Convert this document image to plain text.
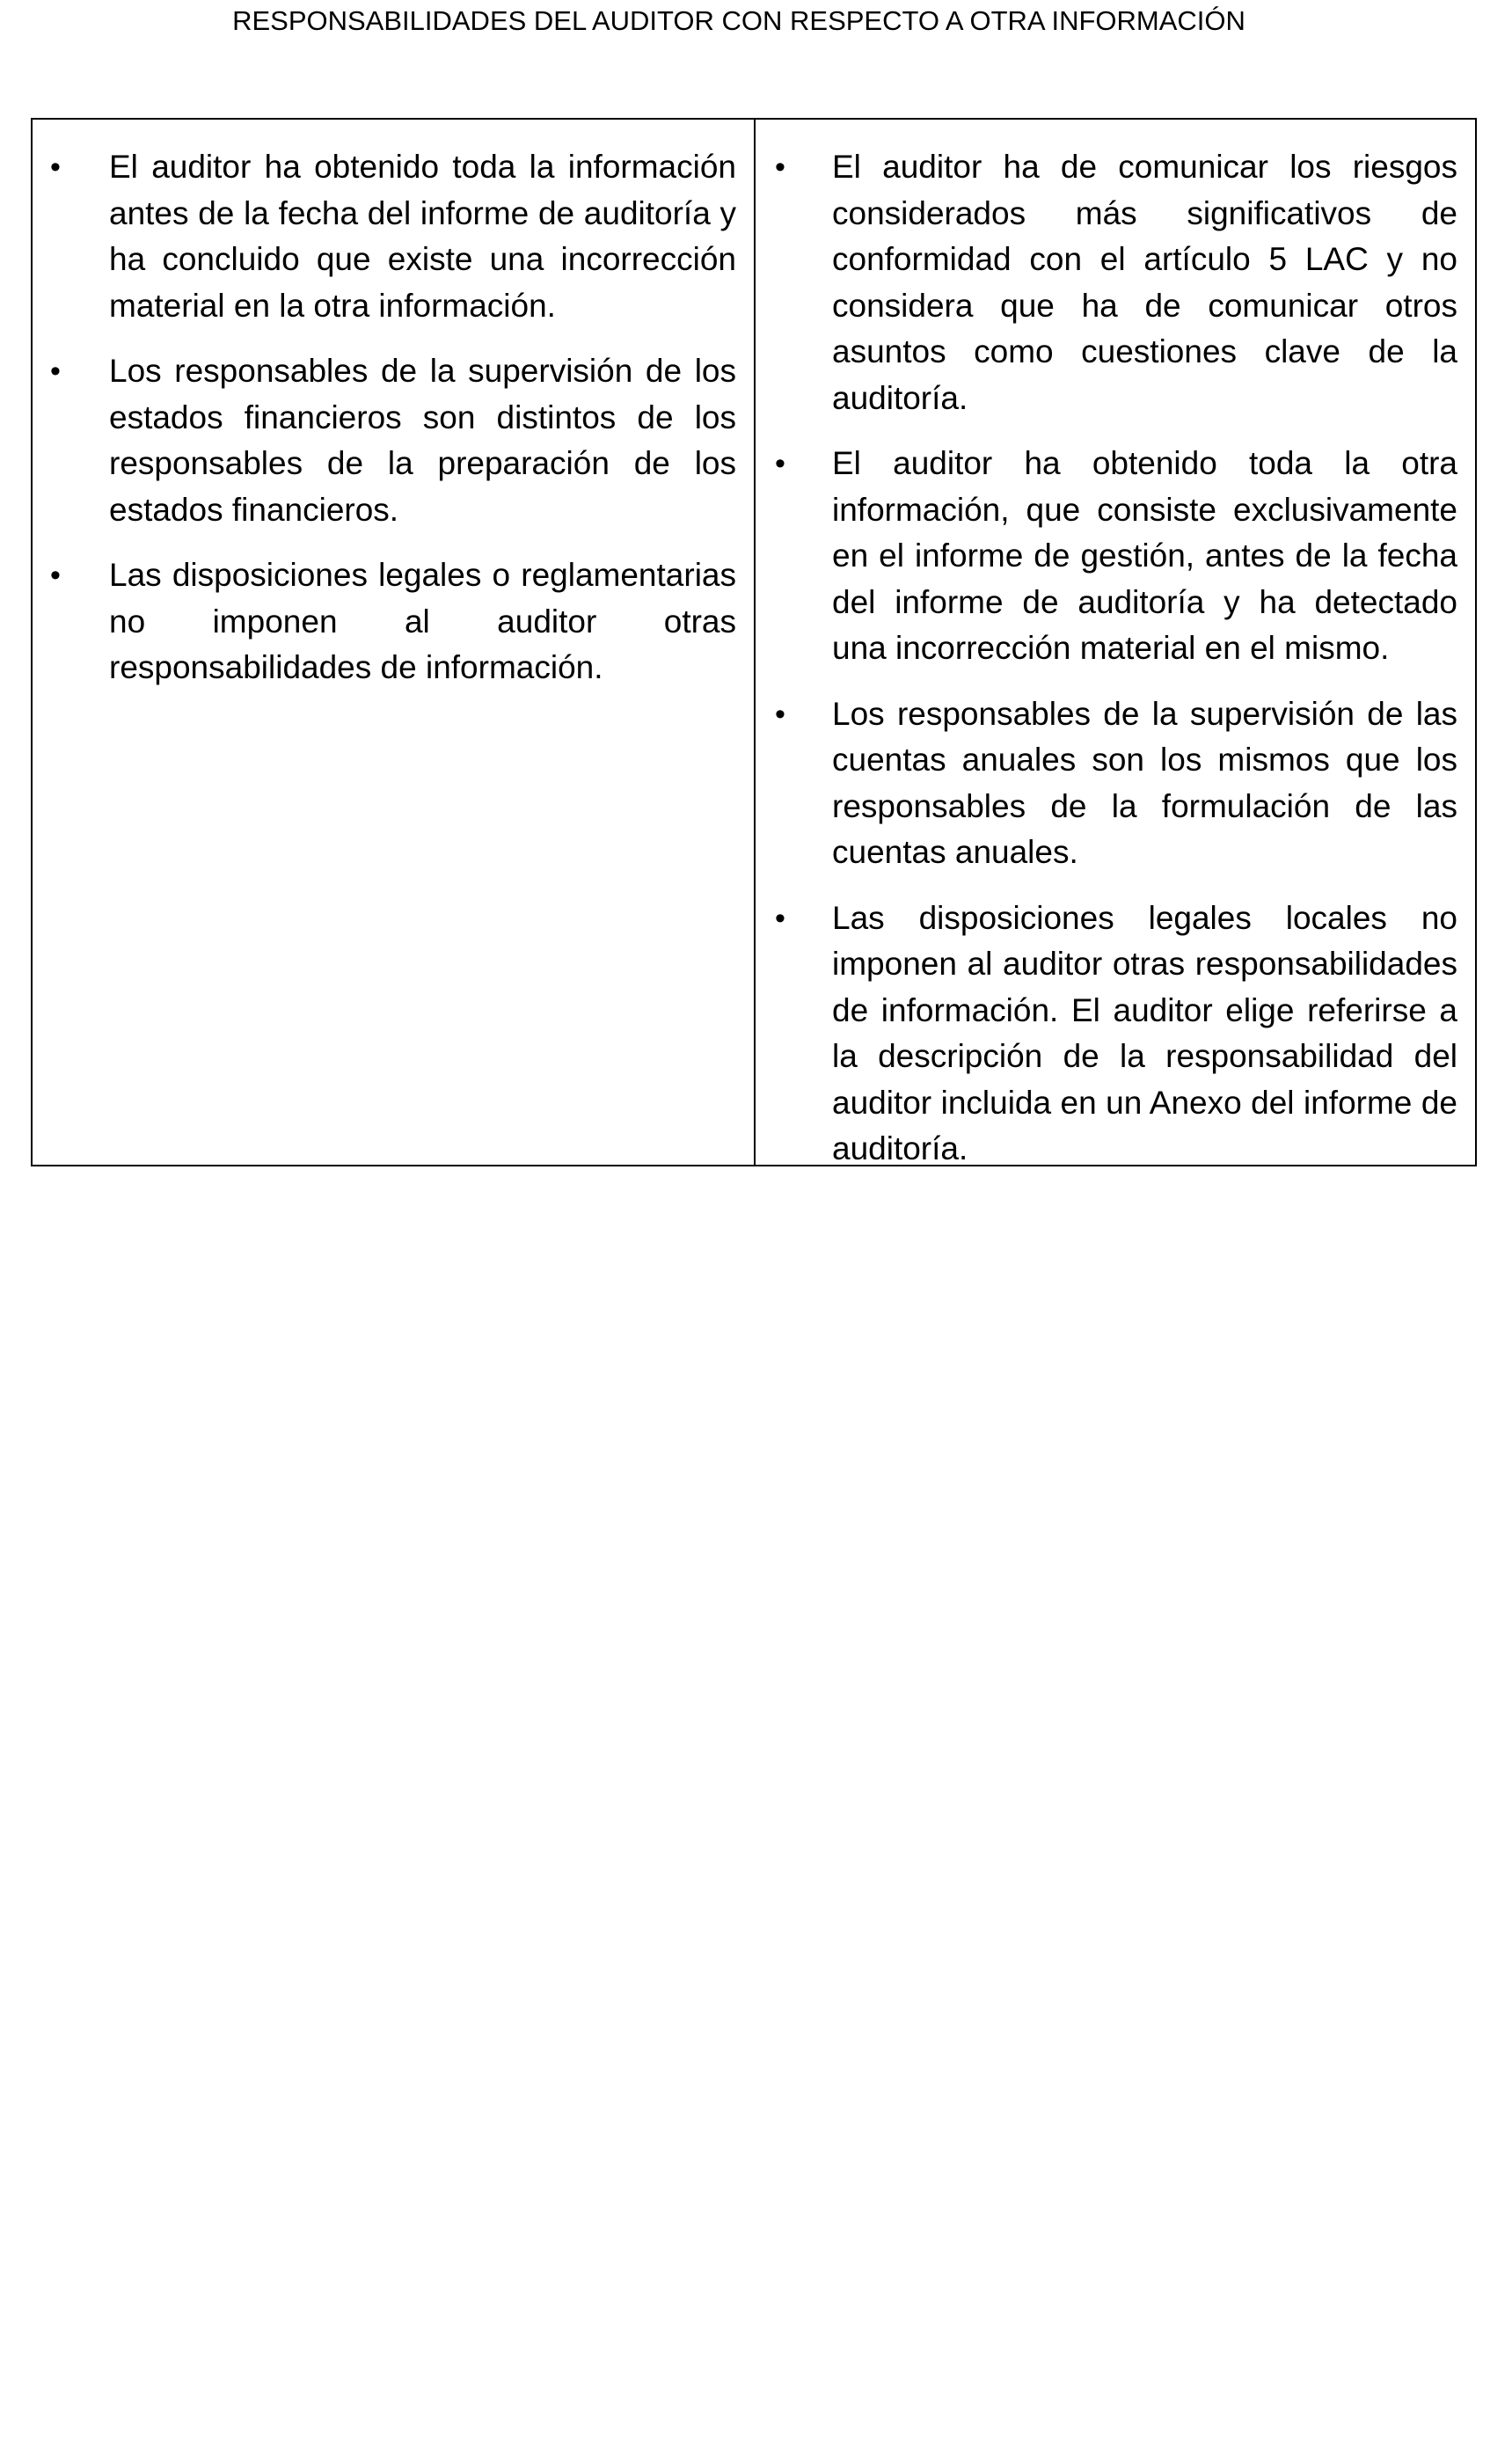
RESPONSABILIDADES DEL AUDITOR CON RESPECTO A OTRA INFORMACIÓN
• El auditor ha obtenido toda la información antes de la fecha del informe de auditoría y ha concluido que existe una incorrección material en la otra información.
• Los responsables de la supervisión de los estados financieros son distintos de los responsables de la preparación de los estados financieros.
• Las disposiciones legales o reglamentarias no imponen al auditor otras responsabilidades de información.
• El auditor ha de comunicar los riesgos considerados más significativos de conformidad con el artículo 5 LAC y no considera que ha de comunicar otros asuntos como cuestiones clave de la auditoría.
• El auditor ha obtenido toda la otra información, que consiste exclusivamente en el informe de gestión, antes de la fecha del informe de auditoría y ha detectado una incorrección material en el mismo.
• Los responsables de la supervisión de las cuentas anuales son los mismos que los responsables de la formulación de las cuentas anuales.
• Las disposiciones legales locales no imponen al auditor otras responsabilidades de información. El auditor elige referirse a la descripción de la responsabilidad del auditor incluida en un Anexo del informe de auditoría.
